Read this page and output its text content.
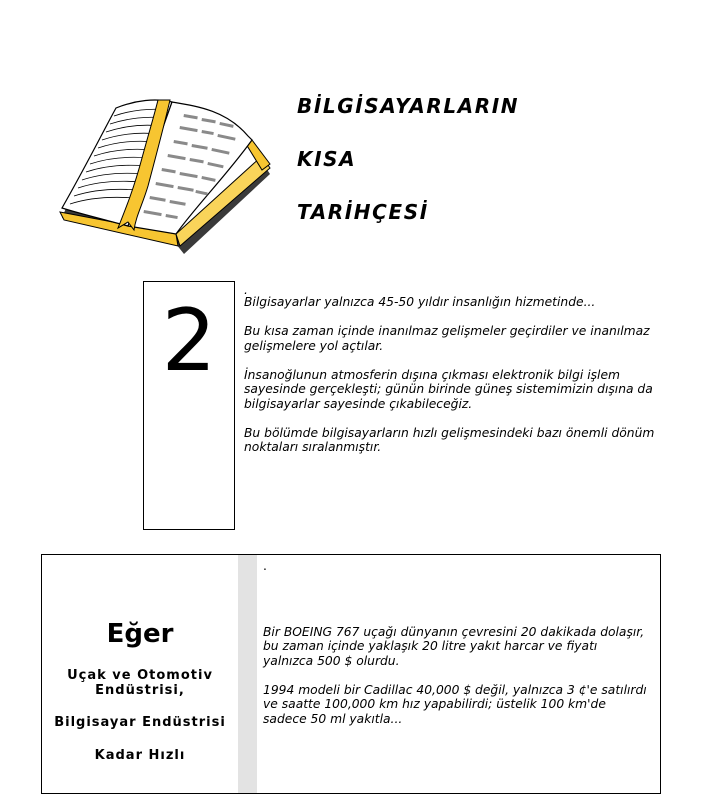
BİLGİSAYARLARIN
KISA
TARİHÇESİ
2

.

Bilgisayarlar yalnızca 45-50 yıldır insanlığın hizmetinde...

Bu kısa zaman içinde inanılmaz gelişmeler geçirdiler ve inanılmaz gelişmelere yol açtılar.

İnsanoğlunun atmosferin dışına çıkması elektronik bilgi işlem sayesinde gerçekleşti; günün birinde güneş sistemimizin dışına da bilgisayarlar sayesinde çıkabileceğiz.

Bu bölümde bilgisayarların hızlı gelişmesindeki bazı önemli dönüm noktaları sıralanmıştır.

Eğer
Uçak ve Otomotiv Endüstrisi,
Bilgisayar Endüstrisi
Kadar Hızlı

.

Bir BOEING 767 uçağı dünyanın çevresini 20 dakikada dolaşır, bu zaman içinde yaklaşık 20 litre yakıt harcar ve fiyatı yalnızca 500 $ olurdu.

1994 modeli bir Cadillac 40,000 $ değil, yalnızca 3 ¢'e satılırdı ve saatte 100,000 km hız yapabilirdi; üstelik 100 km'de sadece 50 ml yakıtla...
